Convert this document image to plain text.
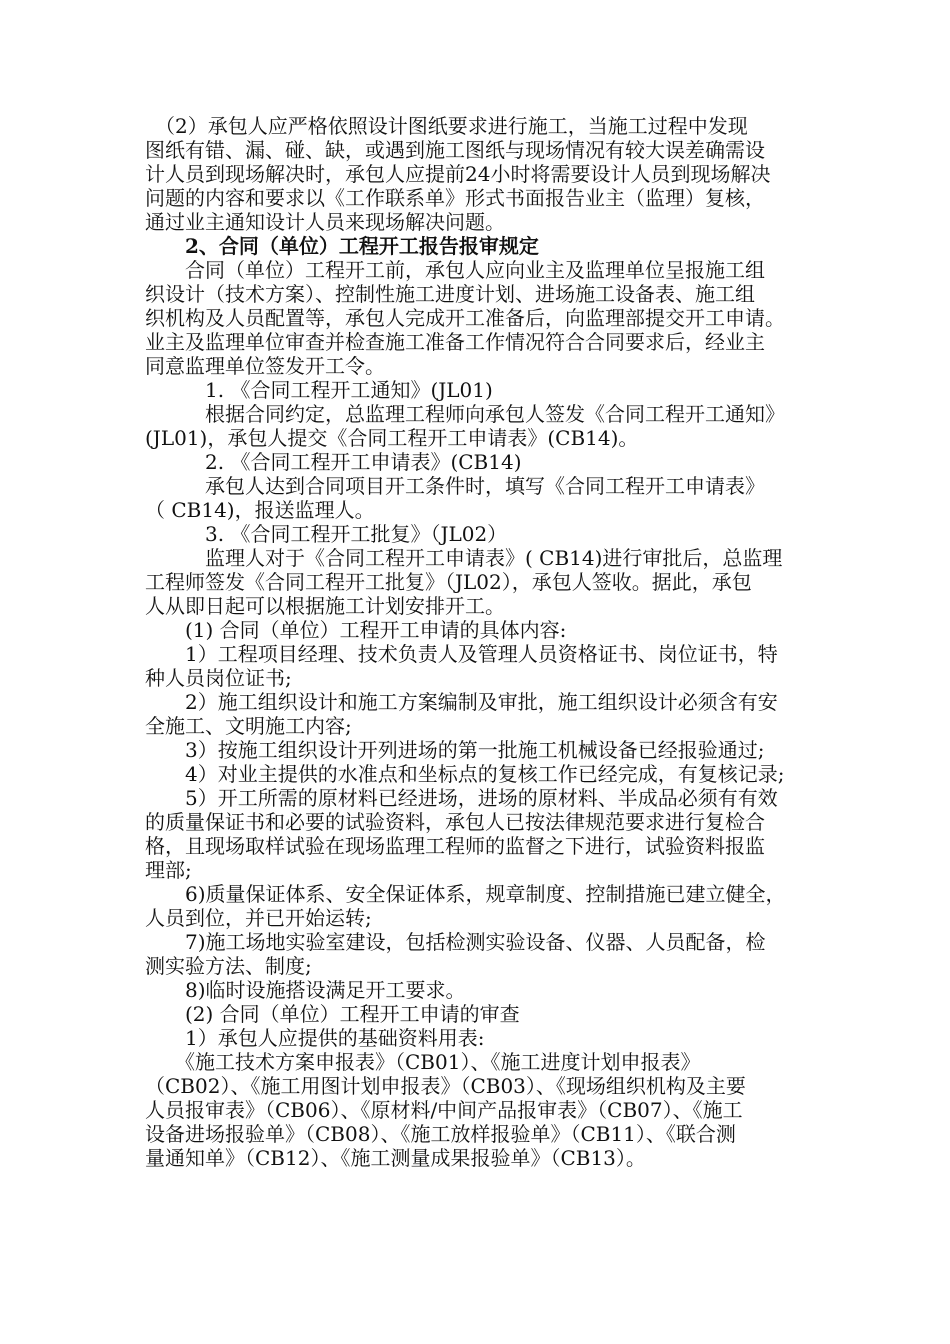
　（2）承包人应严格依照设计图纸要求进行施工，当施工过程中发现
图纸有错、漏、碰、缺，或遇到施工图纸与现场情况有较大误差确需设
计人员到现场解决时，承包人应提前24小时将需要设计人员到现场解决
问题的内容和要求以《工作联系单》形式书面报告业主（监理）复核，
通过业主通知设计人员来现场解决问题。
　　2、合同（单位）工程开工报告报审规定
　　合同（单位）工程开工前，承包人应向业主及监理单位呈报施工组
织设计（技术方案）、控制性施工进度计划、进场施工设备表、施工组
织机构及人员配置等，承包人完成开工准备后，向监理部提交开工申请。
业主及监理单位审查并检查施工准备工作情况符合合同要求后，经业主
同意监理单位签发开工令。
　　　1. 《合同工程开工通知》(JL01)
　　　根据合同约定，总监理工程师向承包人签发《合同工程开工通知》
(JL01)，承包人提交《合同工程开工申请表》(CB14)。
　　　2. 《合同工程开工申请表》(CB14)
　　　承包人达到合同项目开工条件时，填写《合同工程开工申请表》
（ CB14)，报送监理人。
　　　3. 《合同工程开工批复》（JL02）
　　　监理人对于《合同工程开工申请表》( CB14)进行审批后，总监理
工程师签发《合同工程开工批复》（JL02），承包人签收。据此，承包
人从即日起可以根据施工计划安排开工。
　　(1) 合同（单位）工程开工申请的具体内容:
　　1）工程项目经理、技术负责人及管理人员资格证书、岗位证书，特
种人员岗位证书;
　　2）施工组织设计和施工方案编制及审批，施工组织设计必须含有安
全施工、文明施工内容;
　　3）按施工组织设计开列进场的第一批施工机械设备已经报验通过;
　　4）对业主提供的水准点和坐标点的复核工作已经完成，有复核记录;
　　5）开工所需的原材料已经进场，进场的原材料、半成品必须有有效
的质量保证书和必要的试验资料，承包人已按法律规范要求进行复检合
格，且现场取样试验在现场监理工程师的监督之下进行，试验资料报监
理部;
　　6)质量保证体系、安全保证体系，规章制度、控制措施已建立健全，
人员到位，并已开始运转;
　　7)施工场地实验室建设，包括检测实验设备、仪器、人员配备，检
测实验方法、制度;
　　8)临时设施搭设满足开工要求。
　　(2) 合同（单位）工程开工申请的审查
　　1）承包人应提供的基础资料用表:
　　《施工技术方案申报表》（CB01）、《施工进度计划申报表》
（CB02）、《施工用图计划申报表》（CB03）、《现场组织机构及主要
人员报审表》（CB06）、《原材料/中间产品报审表》（CB07）、《施工
设备进场报验单》（CB08）、《施工放样报验单》（CB11）、《联合测
量通知单》（CB12）、《施工测量成果报验单》（CB13）。
